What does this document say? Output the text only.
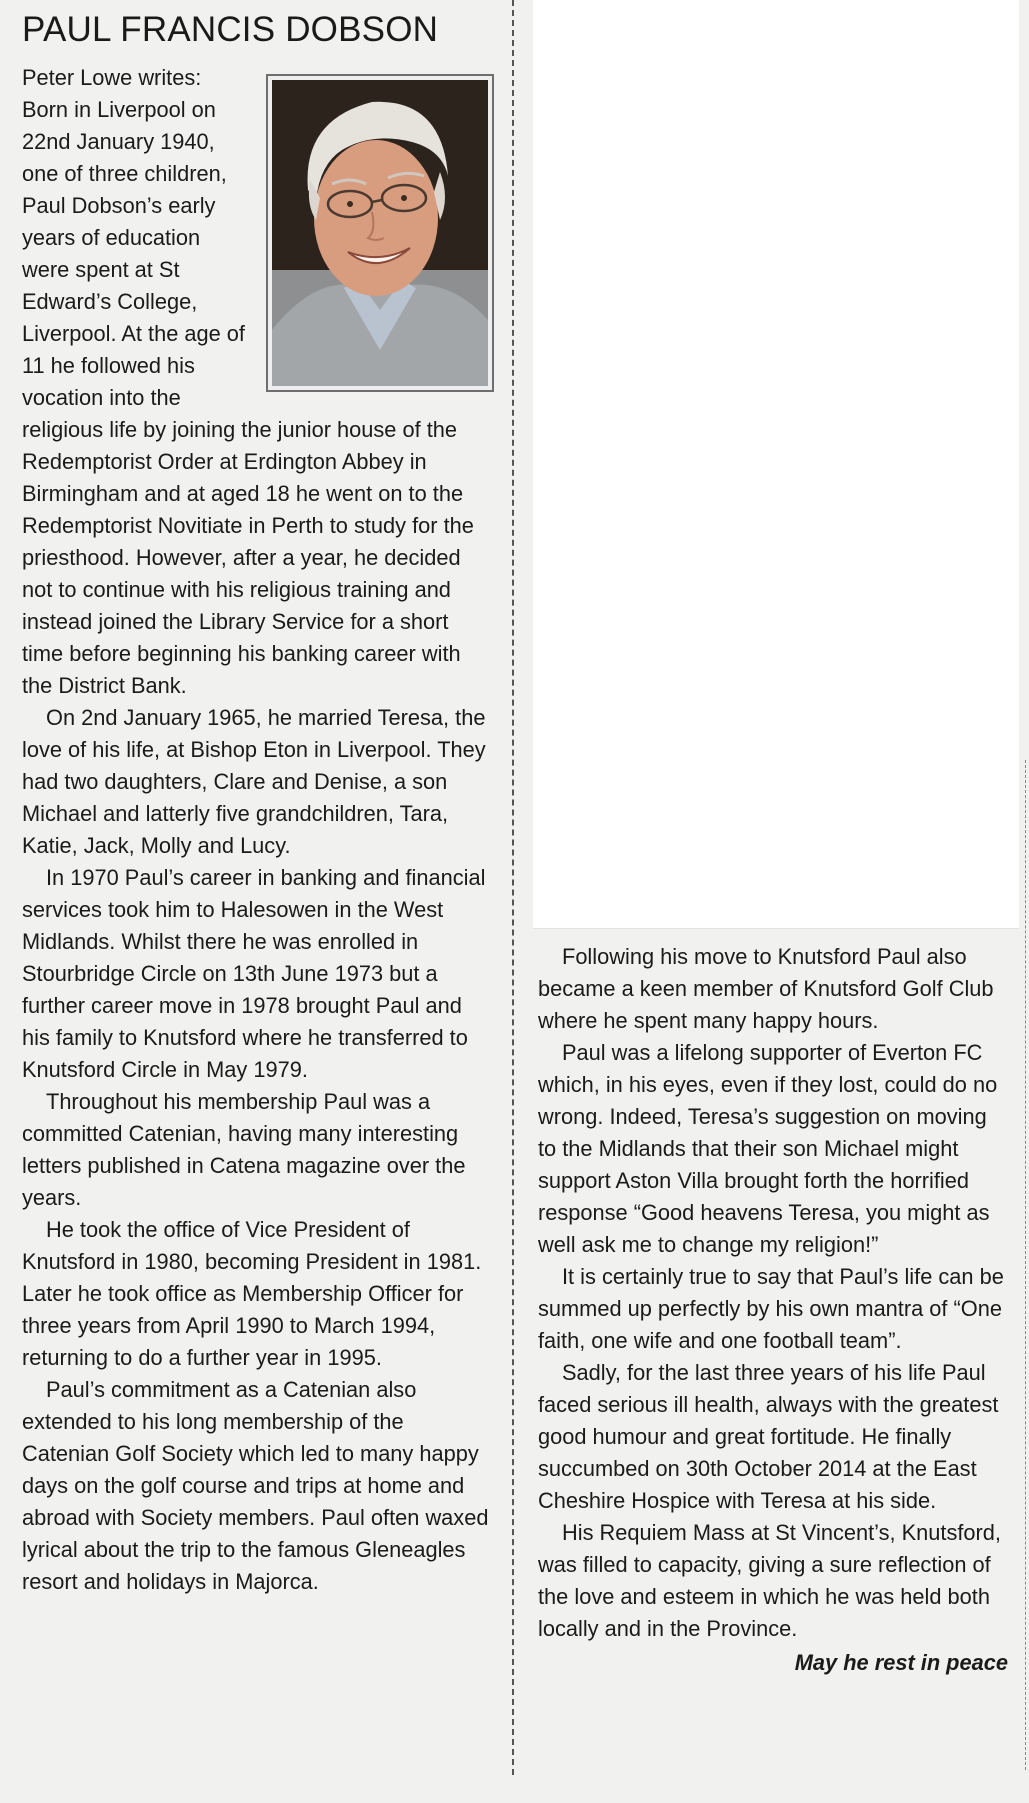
PAUL FRANCIS DOBSON

Peter Lowe writes:

Born in Liverpool on 22nd January 1940, one of three children, Paul Dobson’s early years of education were spent at St Edward’s College, Liverpool. At the age of 11 he followed his vocation into the religious life by joining the junior house of the Redemptorist Order at Erdington Abbey in Birmingham and at aged 18 he went on to the Redemptorist Novitiate in Perth to study for the priesthood. However, after a year, he decided not to continue with his religious training and instead joined the Library Service for a short time before beginning his banking career with the District Bank.

On 2nd January 1965, he married Teresa, the love of his life, at Bishop Eton in Liverpool. They had two daughters, Clare and Denise, a son Michael and latterly five grandchildren, Tara, Katie, Jack, Molly and Lucy.

In 1970 Paul’s career in banking and financial services took him to Halesowen in the West Midlands. Whilst there he was enrolled in Stourbridge Circle on 13th June 1973 but a further career move in 1978 brought Paul and his family to Knutsford where he transferred to Knutsford Circle in May 1979.

Throughout his membership Paul was a committed Catenian, having many interesting letters published in Catena magazine over the years.

He took the office of Vice President of Knutsford in 1980, becoming President in 1981. Later he took office as Membership Officer for three years from April 1990 to March 1994, returning to do a further year in 1995.

Paul’s commitment as a Catenian also extended to his long membership of the Catenian Golf Society which led to many happy days on the golf course and trips at home and abroad with Society members. Paul often waxed lyrical about the trip to the famous Gleneagles resort and holidays in Majorca.

Following his move to Knutsford Paul also became a keen member of Knutsford Golf Club where he spent many happy hours.

Paul was a lifelong supporter of Everton FC which, in his eyes, even if they lost, could do no wrong. Indeed, Teresa’s suggestion on moving to the Midlands that their son Michael might support Aston Villa brought forth the horrified response “Good heavens Teresa, you might as well ask me to change my religion!”

It is certainly true to say that Paul’s life can be summed up perfectly by his own mantra of “One faith, one wife and one football team”.

Sadly, for the last three years of his life Paul faced serious ill health, always with the greatest good humour and great fortitude. He finally succumbed on 30th October 2014 at the East Cheshire Hospice with Teresa at his side.

His Requiem Mass at St Vincent’s, Knutsford, was filled to capacity, giving a sure reflection of the love and esteem in which he was held both locally and in the Province.

May he rest in peace
